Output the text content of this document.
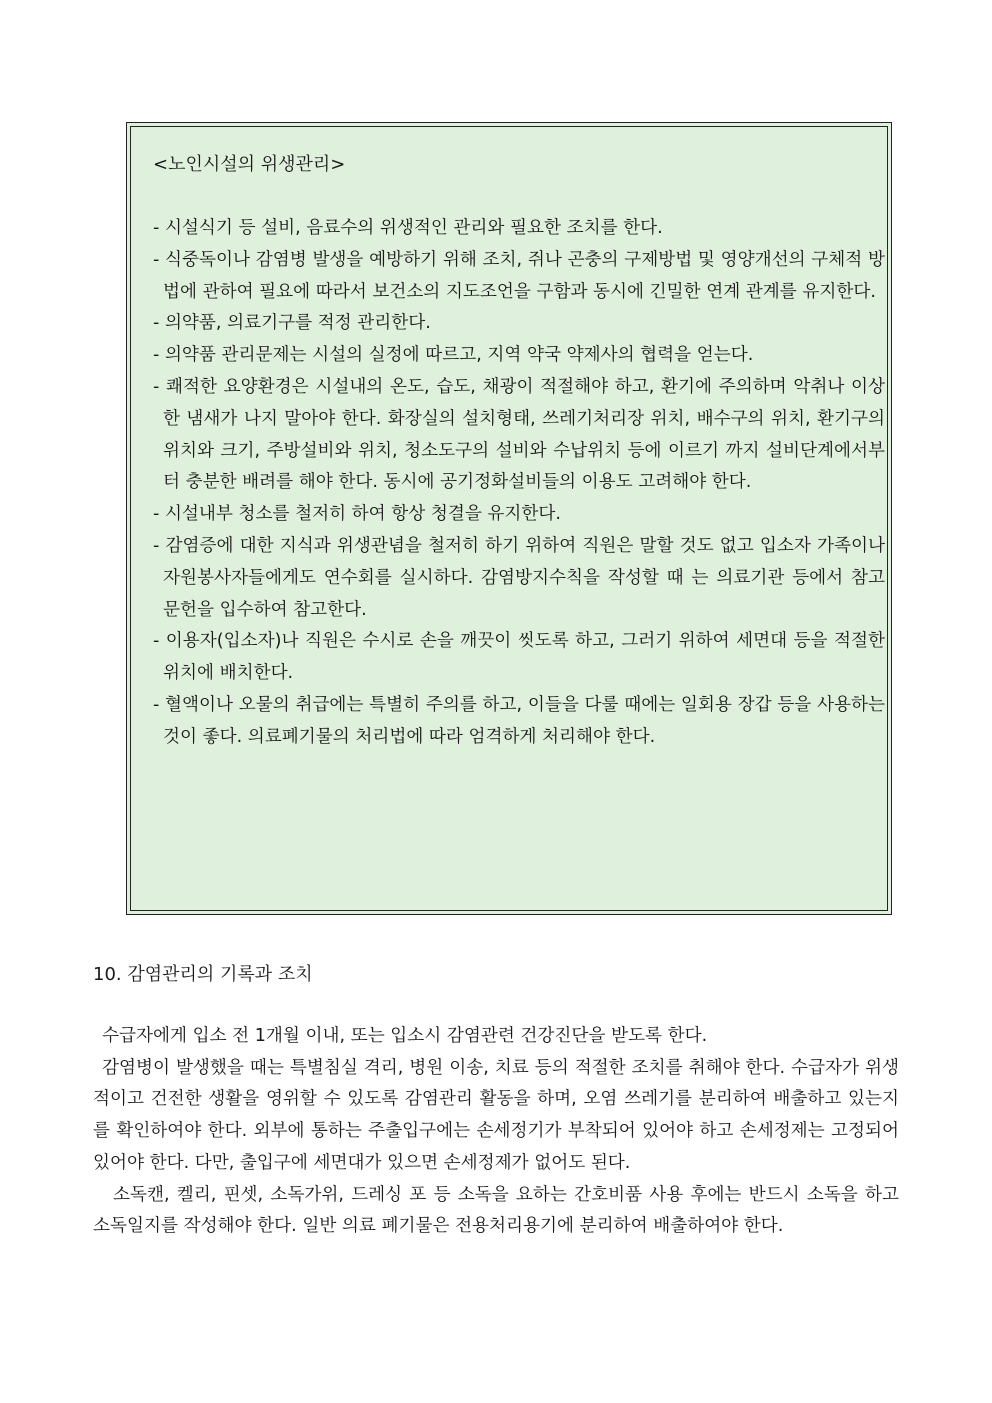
<노인시설의 위생관리>

- 시설식기 등 설비, 음료수의 위생적인 관리와 필요한 조치를 한다.

- 식중독이나 감염병 발생을 예방하기 위해 조치, 쥐나 곤충의 구제방법 및 영양개선의 구체적 방법에 관하여 필요에 따라서 보건소의 지도조언을 구함과 동시에 긴밀한 연계 관계를 유지한다.

- 의약품, 의료기구를 적정 관리한다.

- 의약품 관리문제는 시설의 실정에 따르고, 지역 약국 약제사의 협력을 얻는다.

- 쾌적한 요양환경은 시설내의 온도, 습도, 채광이 적절해야 하고, 환기에 주의하며 악취나 이상한 냄새가 나지 말아야 한다. 화장실의 설치형태, 쓰레기처리장 위치, 배수구의 위치, 환기구의 위치와 크기, 주방설비와 위치, 청소도구의 설비와 수납위치 등에 이르기 까지 설비단계에서부터 충분한 배려를 해야 한다. 동시에 공기정화설비들의 이용도 고려해야 한다.

- 시설내부 청소를 철저히 하여 항상 청결을 유지한다.

- 감염증에 대한 지식과 위생관념을 철저히 하기 위하여 직원은 말할 것도 없고 입소자 가족이나 자원봉사자들에게도 연수회를 실시하다. 감염방지수칙을 작성할 때 는 의료기관 등에서 참고 문헌을 입수하여 참고한다.

- 이용자(입소자)나 직원은 수시로 손을 깨끗이 씻도록 하고, 그러기 위하여 세면대 등을 적절한 위치에 배치한다.

- 혈액이나 오물의 취급에는 특별히 주의를 하고, 이들을 다룰 때에는 일회용 장갑 등을 사용하는 것이 좋다. 의료폐기물의 처리법에 따라 엄격하게 처리해야 한다.

10. 감염관리의 기록과 조치

수급자에게 입소 전 1개월 이내, 또는 입소시 감염관련 건강진단을 받도록 한다.

감염병이 발생했을 때는 특별침실 격리, 병원 이송, 치료 등의 적절한 조치를 취해야 한다. 수급자가 위생적이고 건전한 생활을 영위할 수 있도록 감염관리 활동을 하며, 오염 쓰레기를 분리하여 배출하고 있는지를 확인하여야 한다. 외부에 통하는 주출입구에는 손세정기가 부착되어 있어야 하고 손세정제는 고정되어 있어야 한다. 다만, 출입구에 세면대가 있으면 손세정제가 없어도 된다.

소독캔, 켈리, 핀셋, 소독가위, 드레싱 포 등 소독을 요하는 간호비품 사용 후에는 반드시 소독을 하고 소독일지를 작성해야 한다. 일반 의료 폐기물은 전용처리용기에 분리하여 배출하여야 한다.
